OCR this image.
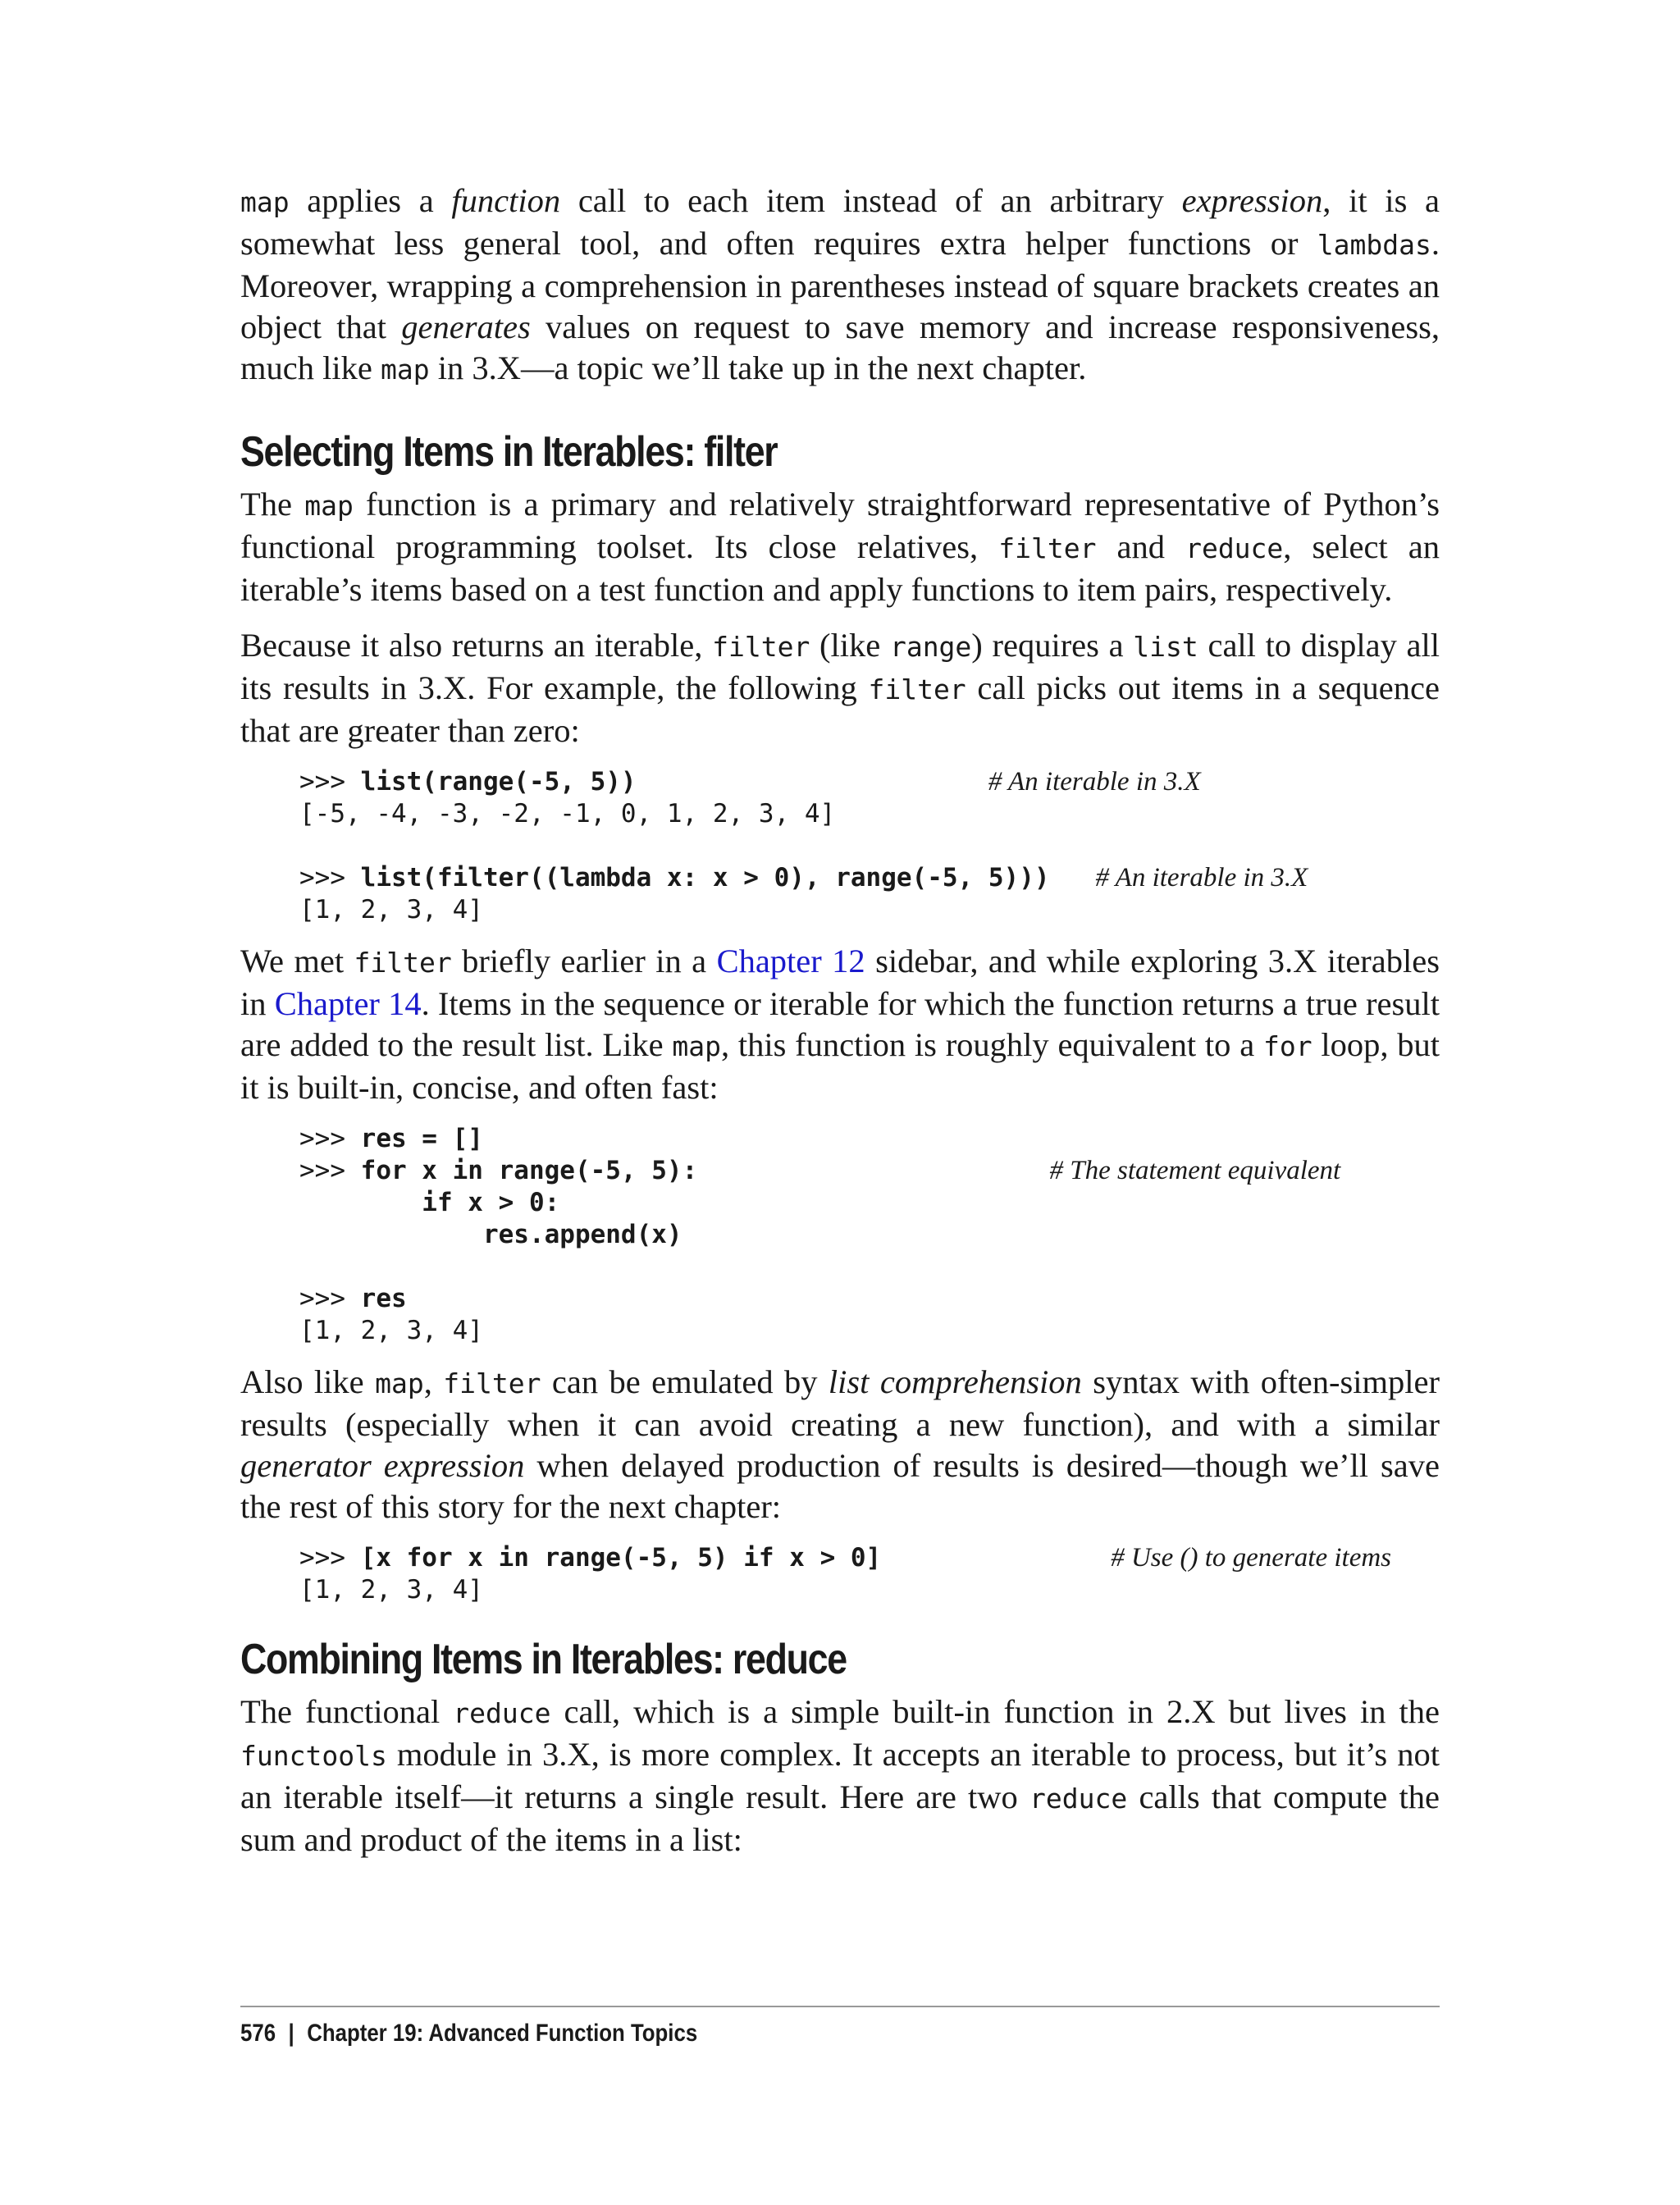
map applies a function call to each item instead of an arbitrary expression, it is a somewhat less general tool, and often requires extra helper functions or lambdas. Moreover, wrapping a comprehension in parentheses instead of square brackets creates an object that generates values on request to save memory and increase responsiveness, much like map in 3.X—a topic we’ll take up in the next chapter.

Selecting Items in Iterables: filter

The map function is a primary and relatively straightforward representative of Python’s functional programming toolset. Its close relatives, filter and reduce, select an iterable’s items based on a test function and apply functions to item pairs, respectively.

Because it also returns an iterable, filter (like range) requires a list call to display all its results in 3.X. For example, the following filter call picks out items in a sequence that are greater than zero:

>>> list(range(-5, 5))	# An iterable in 3.X
[-5, -4, -3, -2, -1, 0, 1, 2, 3, 4]

>>> list(filter((lambda x: x > 0), range(-5, 5))) # An iterable in 3.X
[1, 2, 3, 4]

We met filter briefly earlier in a Chapter 12 sidebar, and while exploring 3.X iterables in Chapter 14. Items in the sequence or iterable for which the function returns a true result are added to the result list. Like map, this function is roughly equivalent to a for loop, but it is built-in, concise, and often fast:

>>> res = []
>>> for x in range(-5, 5):	# The statement equivalent
if x > 0:
res.append(x)

>>> res
[1, 2, 3, 4]

Also like map, filter can be emulated by list comprehension syntax with often-simpler results (especially when it can avoid creating a new function), and with a similar generator expression when delayed production of results is desired—though we’ll save the rest of this story for the next chapter:

>>> [x for x in range(-5, 5) if x > 0]	# Use () to generate items
[1, 2, 3, 4]
Combining Items in Iterables: reduce

The functional reduce call, which is a simple built-in function in 2.X but lives in the functools module in 3.X, is more complex. It accepts an iterable to process, but it’s not an iterable itself—it returns a single result. Here are two reduce calls that compute the sum and product of the items in a list:

576 | Chapter 19: Advanced Function Topics
